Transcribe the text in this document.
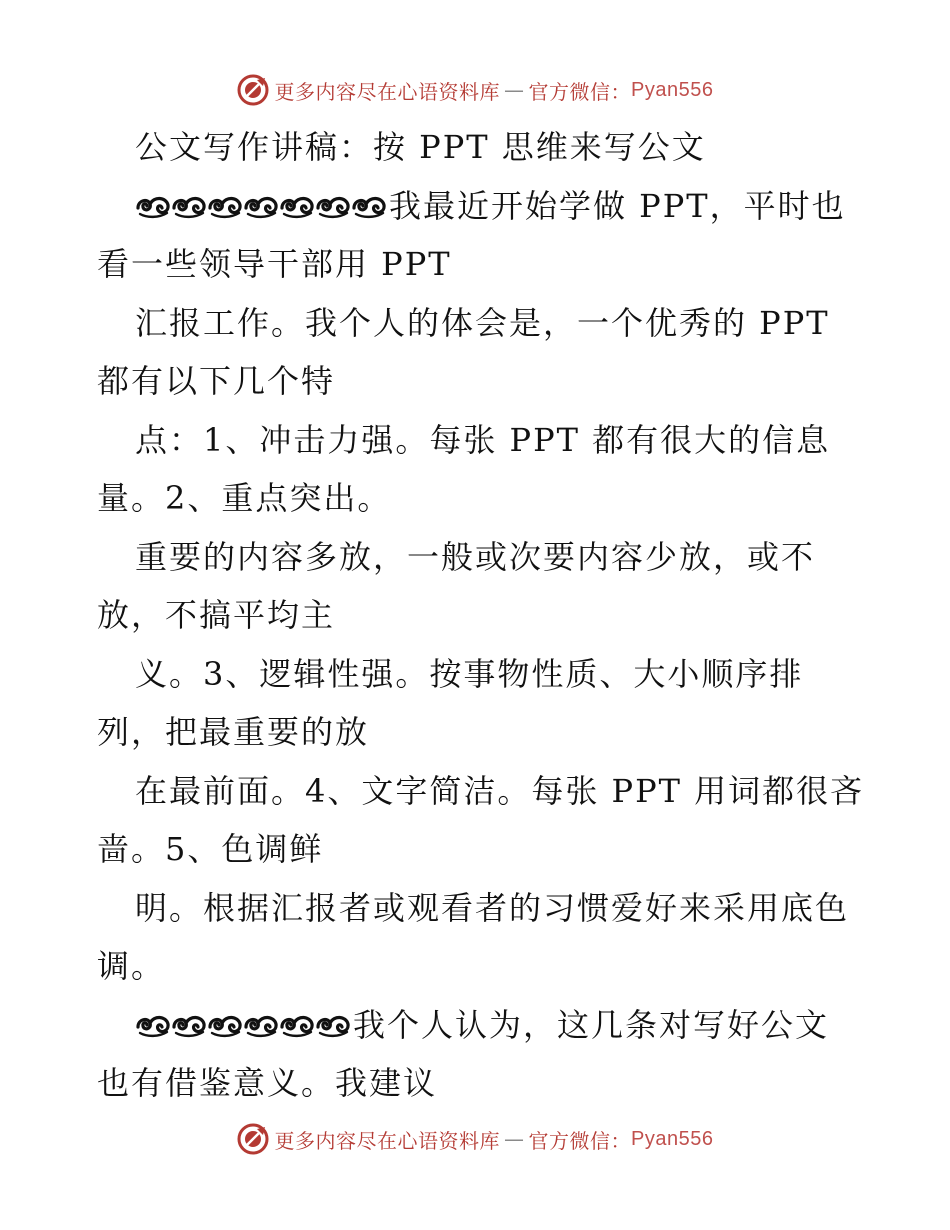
更多内容尽在心语资料库 — 官方微信： Pyan556
公文写作讲稿：按 PPT 思维来写公文
我最近开始学做 PPT，平时也
看一些领导干部用 PPT
汇报工作。我个人的体会是，一个优秀的 PPT
都有以下几个特
点：1、冲击力强。每张 PPT 都有很大的信息
量。2、重点突出。
重要的内容多放，一般或次要内容少放，或不
放，不搞平均主
义。3、逻辑性强。按事物性质、大小顺序排
列，把最重要的放
在最前面。4、文字简洁。每张 PPT 用词都很吝
啬。5、色调鲜
明。根据汇报者或观看者的习惯爱好来采用底色
调。
我个人认为，这几条对写好公文
也有借鉴意义。我建议
更多内容尽在心语资料库 — 官方微信： Pyan556
